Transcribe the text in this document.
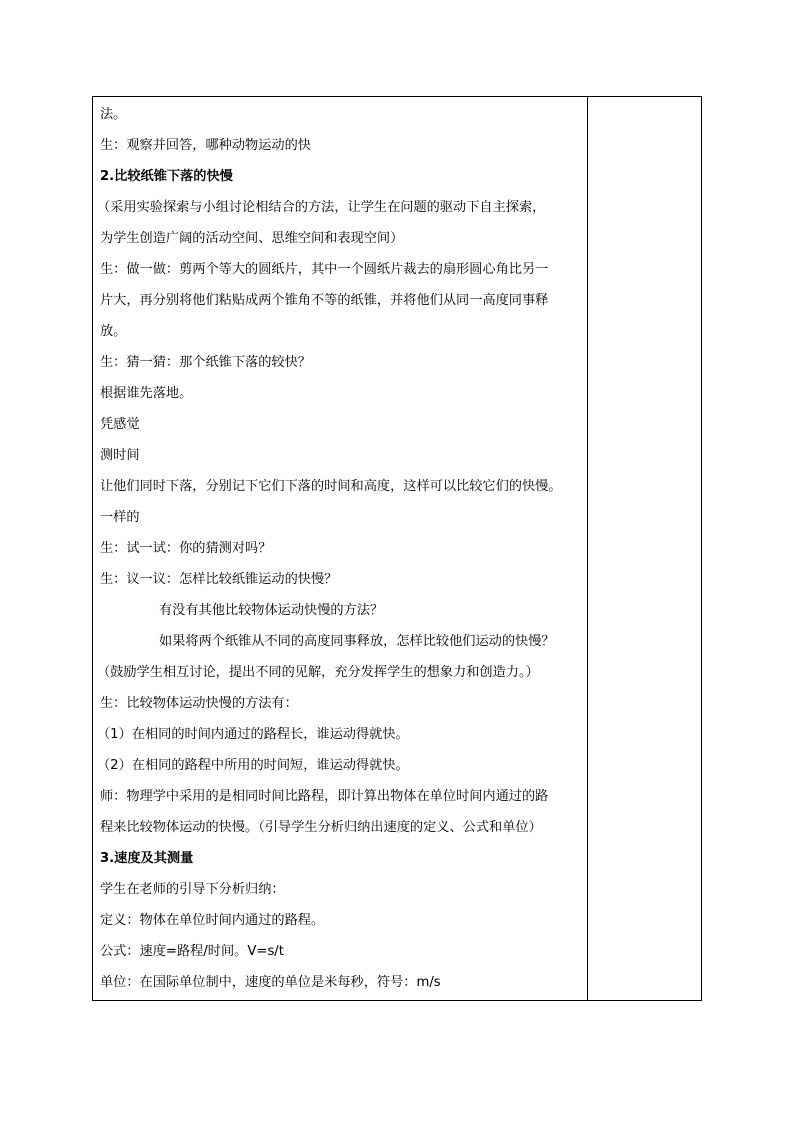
法。
生：观察并回答，哪种动物运动的快
2.比较纸锥下落的快慢
（采用实验探索与小组讨论相结合的方法，让学生在问题的驱动下自主探索，
为学生创造广阔的活动空间、思维空间和表现空间）
生：做一做：剪两个等大的圆纸片，其中一个圆纸片裁去的扇形圆心角比另一
片大，再分别将他们粘贴成两个锥角不等的纸锥，并将他们从同一高度同事释
放。
生：猜一猜：那个纸锥下落的较快？
根据谁先落地。
凭感觉
测时间
让他们同时下落，分别记下它们下落的时间和高度，这样可以比较它们的快慢。
一样的
生：试一试：你的猜测对吗？
生：议一议：怎样比较纸锥运动的快慢？
有没有其他比较物体运动快慢的方法？
如果将两个纸锥从不同的高度同事释放，怎样比较他们运动的快慢？
（鼓励学生相互讨论，提出不同的见解，充分发挥学生的想象力和创造力。）
生：比较物体运动快慢的方法有：
（1）在相同的时间内通过的路程长，谁运动得就快。
（2）在相同的路程中所用的时间短，谁运动得就快。
师：物理学中采用的是相同时间比路程，即计算出物体在单位时间内通过的路
程来比较物体运动的快慢。（引导学生分析归纳出速度的定义、公式和单位）
3.速度及其测量
学生在老师的引导下分析归纳：
定义：物体在单位时间内通过的路程。
公式：速度=路程/时间。V=s/t
单位：在国际单位制中，速度的单位是米每秒，符号：m/s
